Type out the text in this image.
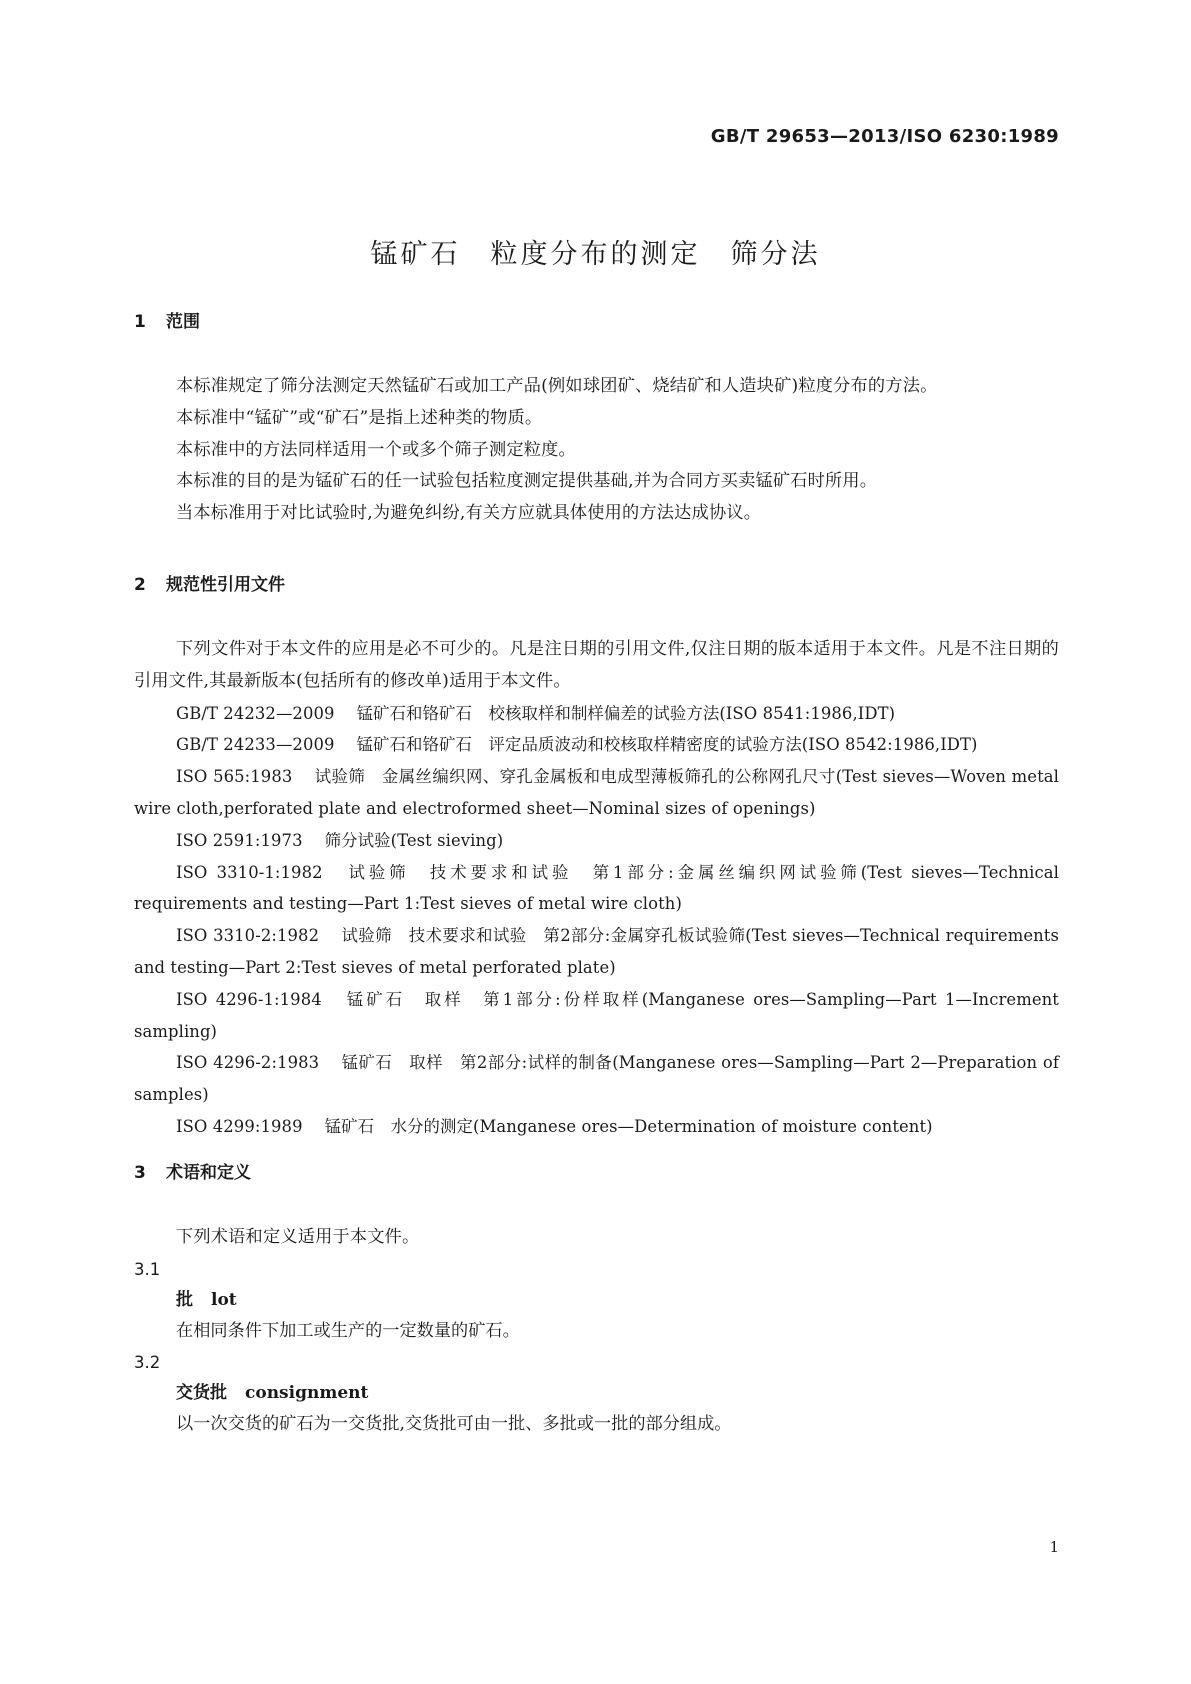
GB/T 29653—2013/ISO 6230:1989
锰矿石　粒度分布的测定　筛分法
1 范围

本标准规定了筛分法测定天然锰矿石或加工产品(例如球团矿、烧结矿和人造块矿)粒度分布的方法。

本标准中“锰矿”或“矿石”是指上述种类的物质。

本标准中的方法同样适用一个或多个筛子测定粒度。

本标准的目的是为锰矿石的任一试验包括粒度测定提供基础,并为合同方买卖锰矿石时所用。

当本标准用于对比试验时,为避免纠纷,有关方应就具体使用的方法达成协议。

2 规范性引用文件

下列文件对于本文件的应用是必不可少的。凡是注日期的引用文件,仅注日期的版本适用于本文件。凡是不注日期的引用文件,其最新版本(包括所有的修改单)适用于本文件。

GB/T 24232—2009 锰矿石和铬矿石　校核取样和制样偏差的试验方法(ISO 8541:1986,IDT)

GB/T 24233—2009 锰矿石和铬矿石　评定品质波动和校核取样精密度的试验方法(ISO 8542:1986,IDT)

ISO 565:1983 试验筛　金属丝编织网、穿孔金属板和电成型薄板筛孔的公称网孔尺寸(Test sieves—Woven metal wire cloth,perforated plate and electroformed sheet—Nominal sizes of openings)

ISO 2591:1973 筛分试验(Test sieving)

ISO 3310-1:1982 试验筛　技术要求和试验　第1部分:金属丝编织网试验筛(Test sieves—Technical requirements and testing—Part 1:Test sieves of metal wire cloth)

ISO 3310-2:1982 试验筛　技术要求和试验　第2部分:金属穿孔板试验筛(Test sieves—Technical requirements and testing—Part 2:Test sieves of metal perforated plate)

ISO 4296-1:1984 锰矿石　取样　第1部分:份样取样(Manganese ores—Sampling—Part 1—Increment sampling)

ISO 4296-2:1983 锰矿石　取样　第2部分:试样的制备(Manganese ores—Sampling—Part 2—Preparation of samples)

ISO 4299:1989 锰矿石　水分的测定(Manganese ores—Determination of moisture content)

3 术语和定义

下列术语和定义适用于本文件。

3.1
批 lot
在相同条件下加工或生产的一定数量的矿石。
3.2
交货批 consignment
以一次交货的矿石为一交货批,交货批可由一批、多批或一批的部分组成。
1
